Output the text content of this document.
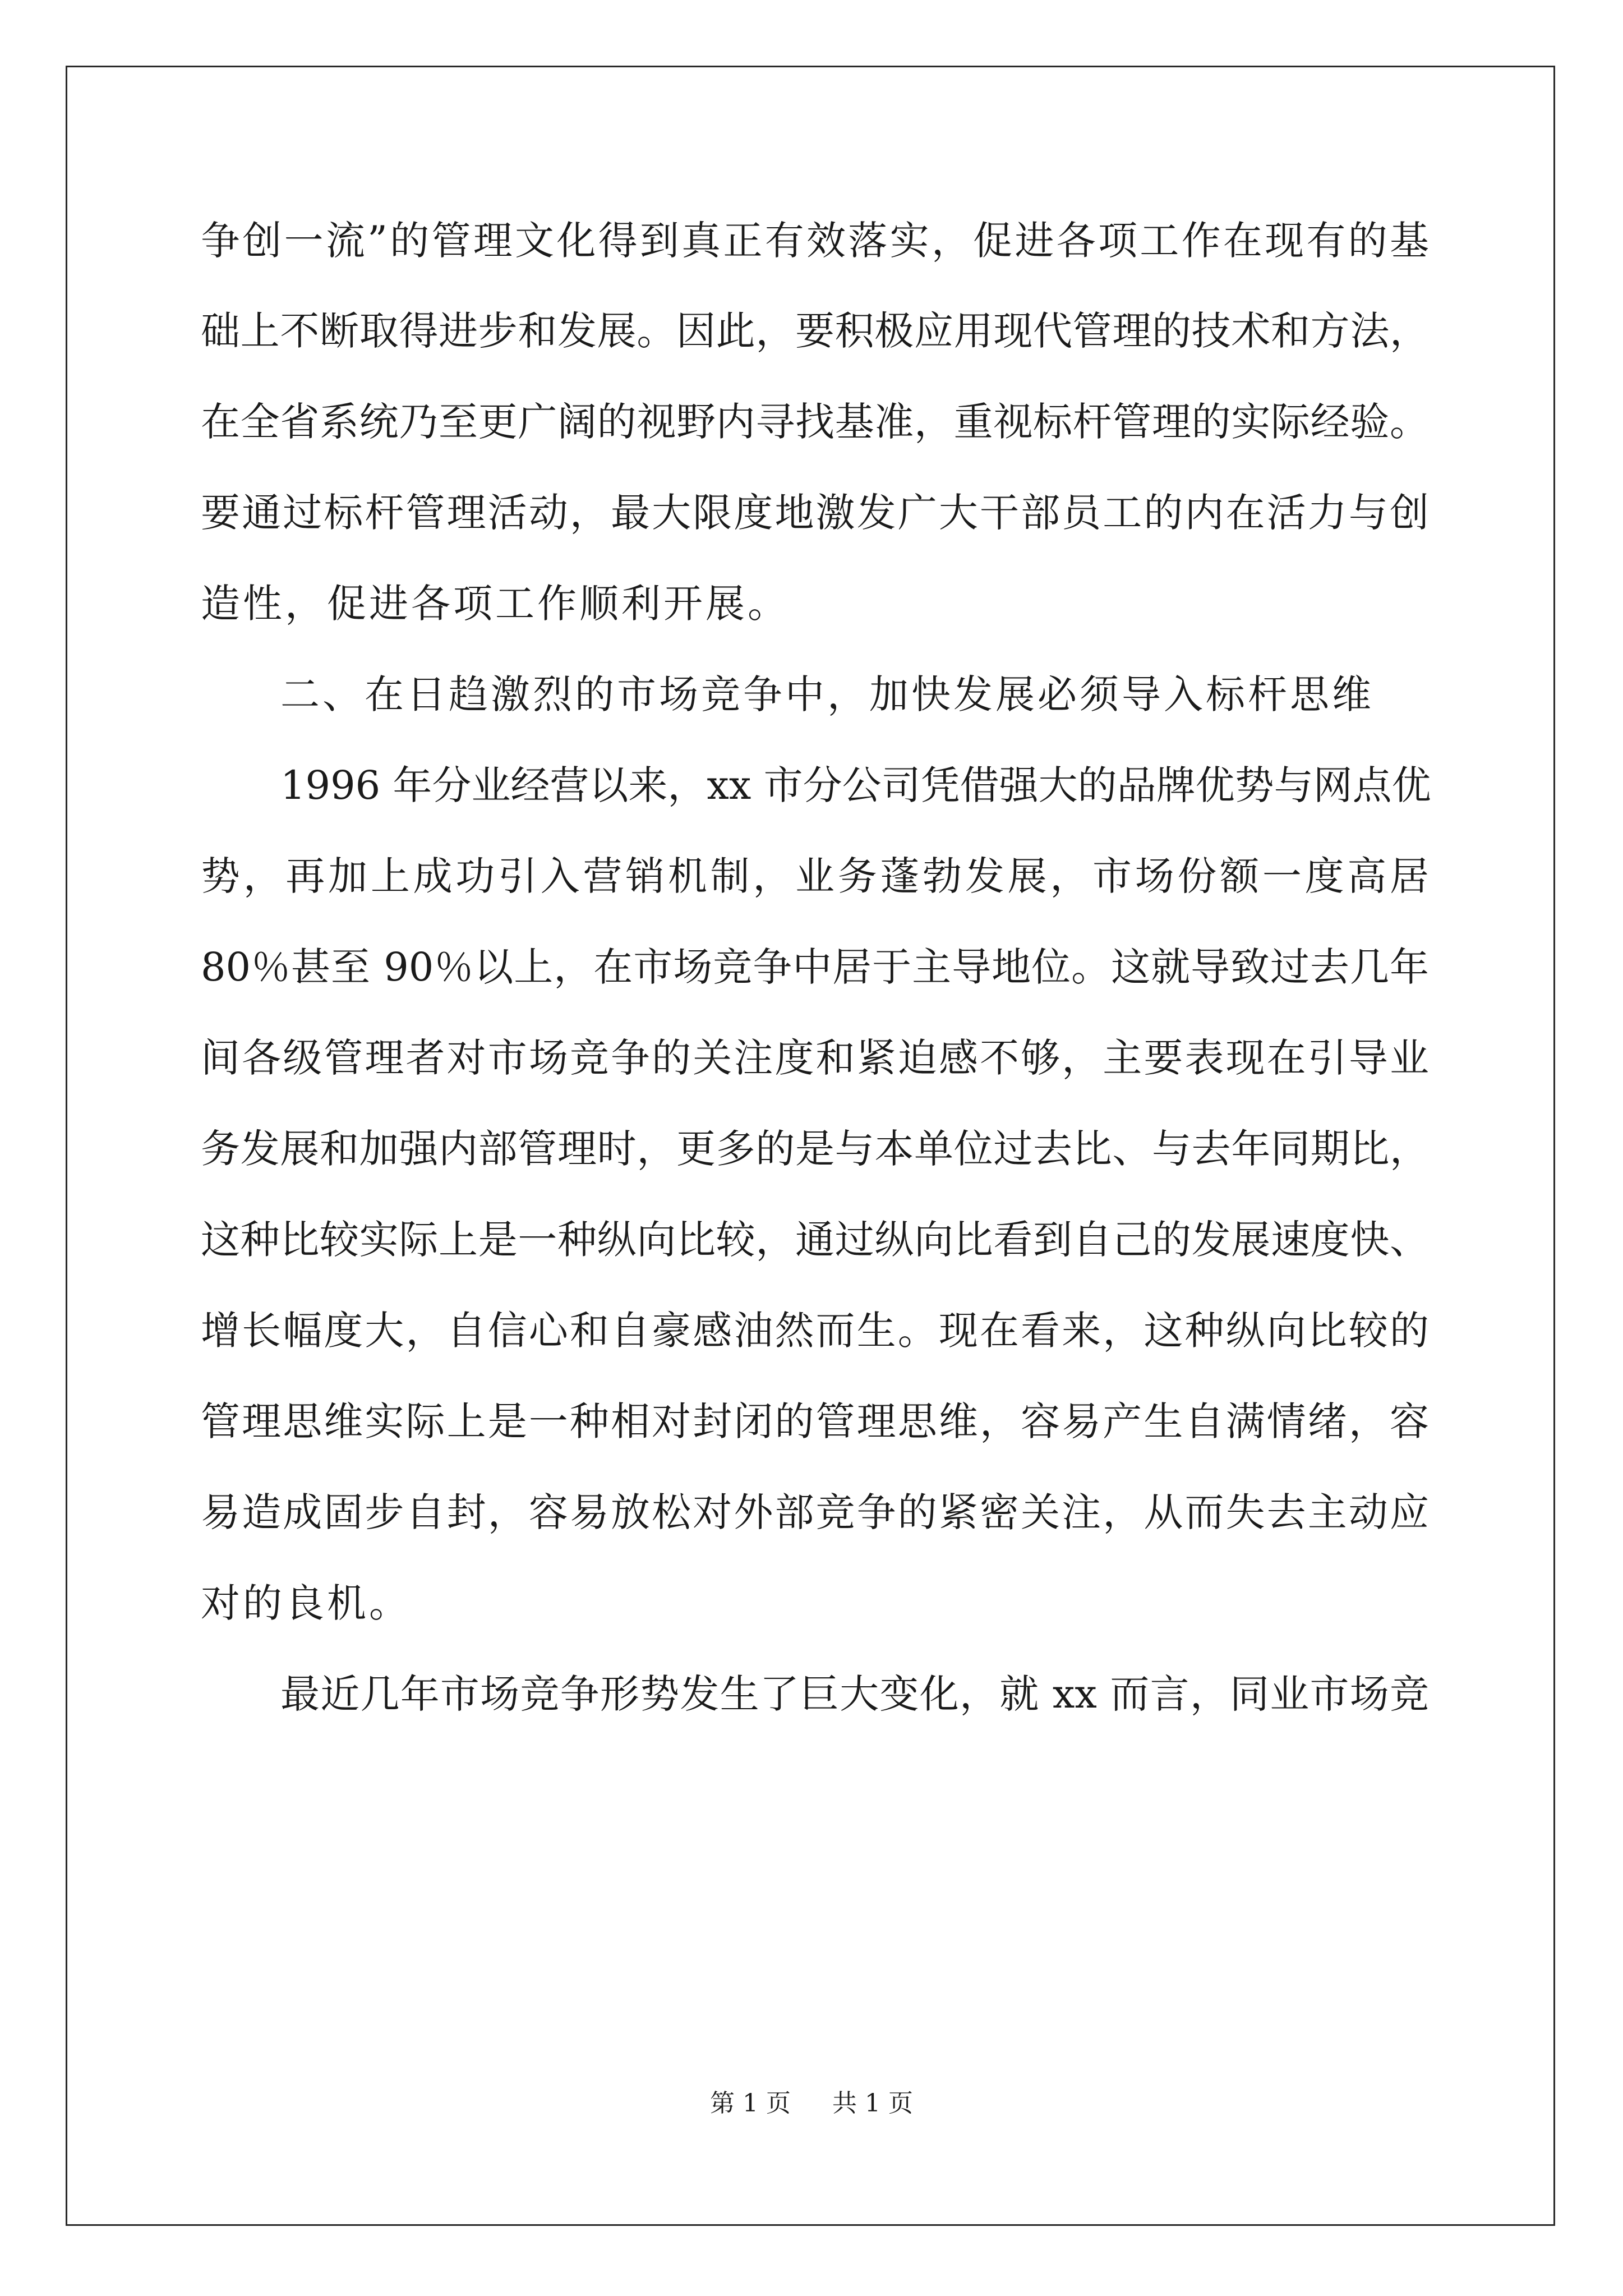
争创一流”的管理文化得到真正有效落实，促进各项工作在现有的基
础上不断取得进步和发展。因此，要积极应用现代管理的技术和方法，
在全省系统乃至更广阔的视野内寻找基准，重视标杆管理的实际经验。
要通过标杆管理活动，最大限度地激发广大干部员工的内在活力与创
造性，促进各项工作顺利开展。
二、在日趋激烈的市场竞争中，加快发展必须导入标杆思维
1996 年分业经营以来，xx 市分公司凭借强大的品牌优势与网点优
势，再加上成功引入营销机制，业务蓬勃发展，市场份额一度高居
80％甚至 90％以上，在市场竞争中居于主导地位。这就导致过去几年
间各级管理者对市场竞争的关注度和紧迫感不够，主要表现在引导业
务发展和加强内部管理时，更多的是与本单位过去比、与去年同期比，
这种比较实际上是一种纵向比较，通过纵向比看到自己的发展速度快、
增长幅度大，自信心和自豪感油然而生。现在看来，这种纵向比较的
管理思维实际上是一种相对封闭的管理思维，容易产生自满情绪，容
易造成固步自封，容易放松对外部竞争的紧密关注，从而失去主动应
对的良机。
最近几年市场竞争形势发生了巨大变化，就 xx 而言，同业市场竞
第 1 页 共 1 页
